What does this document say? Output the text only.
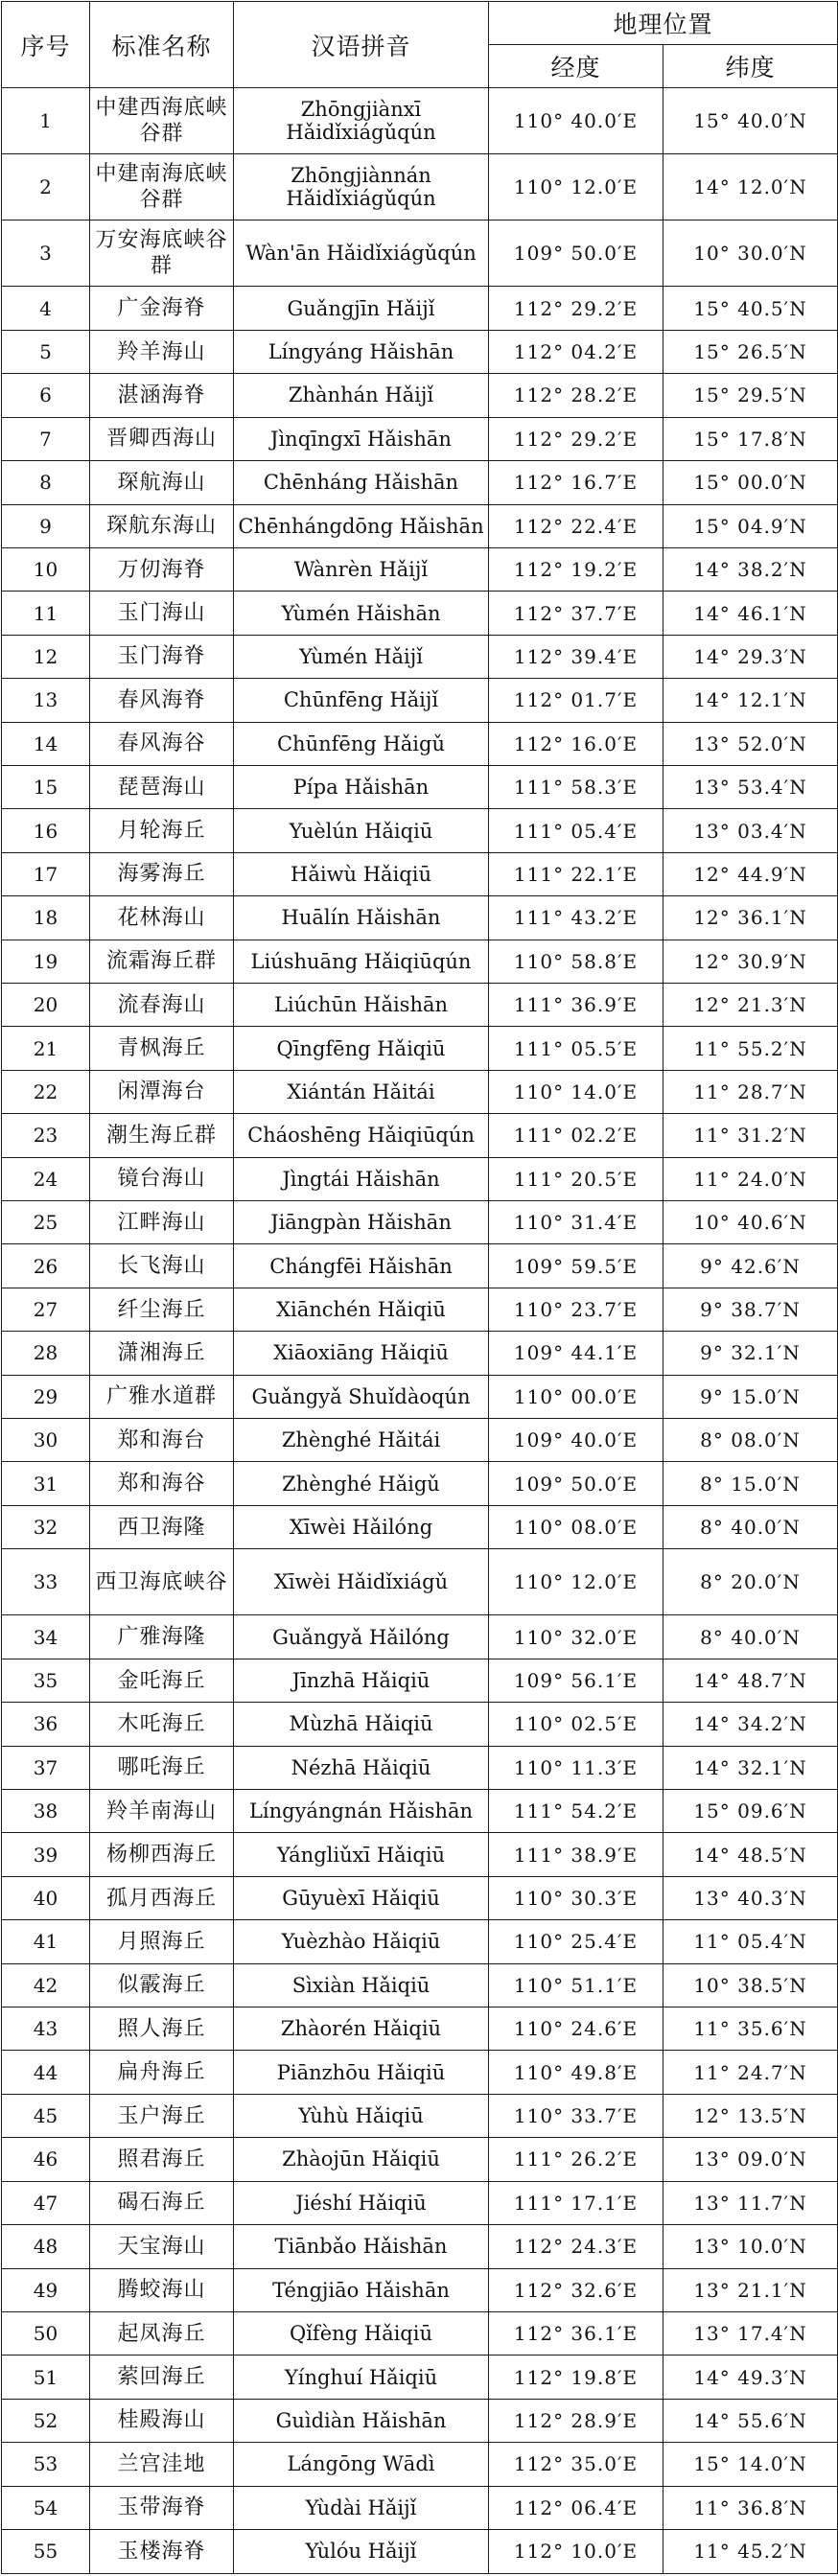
序号	标准名称	汉语拼音	地理位置	
			经度	纬度
1	中建西海底峡谷群	Zhōngjiànxī Hǎidǐxiágǔqún	110° 40.0′E	15° 40.0′N
2	中建南海底峡谷群	Zhōngjiànnán Hǎidǐxiágǔqún	110° 12.0′E	14° 12.0′N
3	万安海底峡谷群	Wàn'ān Hǎidǐxiágǔqún	109° 50.0′E	10° 30.0′N
4	广金海脊	Guǎngjīn Hǎijǐ	112° 29.2′E	15° 40.5′N
5	羚羊海山	Língyáng Hǎishān	112° 04.2′E	15° 26.5′N
6	湛涵海脊	Zhànhán Hǎijǐ	112° 28.2′E	15° 29.5′N
7	晋卿西海山	Jìnqīngxī Hǎishān	112° 29.2′E	15° 17.8′N
8	琛航海山	Chēnháng Hǎishān	112° 16.7′E	15° 00.0′N
9	琛航东海山	Chēnhángdōng Hǎishān	112° 22.4′E	15° 04.9′N
10	万仞海脊	Wànrèn Hǎijǐ	112° 19.2′E	14° 38.2′N
11	玉门海山	Yùmén Hǎishān	112° 37.7′E	14° 46.1′N
12	玉门海脊	Yùmén Hǎijǐ	112° 39.4′E	14° 29.3′N
13	春风海脊	Chūnfēng Hǎijǐ	112° 01.7′E	14° 12.1′N
14	春风海谷	Chūnfēng Hǎigǔ	112° 16.0′E	13° 52.0′N
15	琵琶海山	Pípa Hǎishān	111° 58.3′E	13° 53.4′N
16	月轮海丘	Yuèlún Hǎiqiū	111° 05.4′E	13° 03.4′N
17	海雾海丘	Hǎiwù Hǎiqiū	111° 22.1′E	12° 44.9′N
18	花林海山	Huālín Hǎishān	111° 43.2′E	12° 36.1′N
19	流霜海丘群	Liúshuāng Hǎiqiūqún	110° 58.8′E	12° 30.9′N
20	流春海山	Liúchūn Hǎishān	111° 36.9′E	12° 21.3′N
21	青枫海丘	Qīngfēng Hǎiqiū	111° 05.5′E	11° 55.2′N
22	闲潭海台	Xiántán Hǎitái	110° 14.0′E	11° 28.7′N
23	潮生海丘群	Cháoshēng Hǎiqiūqún	111° 02.2′E	11° 31.2′N
24	镜台海山	Jìngtái Hǎishān	111° 20.5′E	11° 24.0′N
25	江畔海山	Jiāngpàn Hǎishān	110° 31.4′E	10° 40.6′N
26	长飞海山	Chángfēi Hǎishān	109° 59.5′E	9° 42.6′N
27	纤尘海丘	Xiānchén Hǎiqiū	110° 23.7′E	9° 38.7′N
28	潇湘海丘	Xiāoxiāng Hǎiqiū	109° 44.1′E	9° 32.1′N
29	广雅水道群	Guǎngyǎ Shuǐdàoqún	110° 00.0′E	9° 15.0′N
30	郑和海台	Zhènghé Hǎitái	109° 40.0′E	8° 08.0′N
31	郑和海谷	Zhènghé Hǎigǔ	109° 50.0′E	8° 15.0′N
32	西卫海隆	Xīwèi Hǎilóng	110° 08.0′E	8° 40.0′N
33	西卫海底峡谷	Xīwèi Hǎidǐxiágǔ	110° 12.0′E	8° 20.0′N
34	广雅海隆	Guǎngyǎ Hǎilóng	110° 32.0′E	8° 40.0′N
35	金吒海丘	Jīnzhā Hǎiqiū	109° 56.1′E	14° 48.7′N
36	木吒海丘	Mùzhā Hǎiqiū	110° 02.5′E	14° 34.2′N
37	哪吒海丘	Nézhā Hǎiqiū	110° 11.3′E	14° 32.1′N
38	羚羊南海山	Língyángnán Hǎishān	111° 54.2′E	15° 09.6′N
39	杨柳西海丘	Yángliǔxī Hǎiqiū	111° 38.9′E	14° 48.5′N
40	孤月西海丘	Gūyuèxī Hǎiqiū	110° 30.3′E	13° 40.3′N
41	月照海丘	Yuèzhào Hǎiqiū	110° 25.4′E	11° 05.4′N
42	似霰海丘	Sìxiàn Hǎiqiū	110° 51.1′E	10° 38.5′N
43	照人海丘	Zhàorén Hǎiqiū	110° 24.6′E	11° 35.6′N
44	扁舟海丘	Piānzhōu Hǎiqiū	110° 49.8′E	11° 24.7′N
45	玉户海丘	Yùhù Hǎiqiū	110° 33.7′E	12° 13.5′N
46	照君海丘	Zhàojūn Hǎiqiū	111° 26.2′E	13° 09.0′N
47	碣石海丘	Jiéshí Hǎiqiū	111° 17.1′E	13° 11.7′N
48	天宝海山	Tiānbǎo Hǎishān	112° 24.3′E	13° 10.0′N
49	腾蛟海山	Téngjiāo Hǎishān	112° 32.6′E	13° 21.1′N
50	起凤海丘	Qǐfèng Hǎiqiū	112° 36.1′E	13° 17.4′N
51	萦回海丘	Yínghuí Hǎiqiū	112° 19.8′E	14° 49.3′N
52	桂殿海山	Guìdiàn Hǎishān	112° 28.9′E	14° 55.6′N
53	兰宫洼地	Lángōng Wādì	112° 35.0′E	15° 14.0′N
54	玉带海脊	Yùdài Hǎijǐ	112° 06.4′E	11° 36.8′N
55	玉楼海脊	Yùlóu Hǎijǐ	112° 10.0′E	11° 45.2′N
